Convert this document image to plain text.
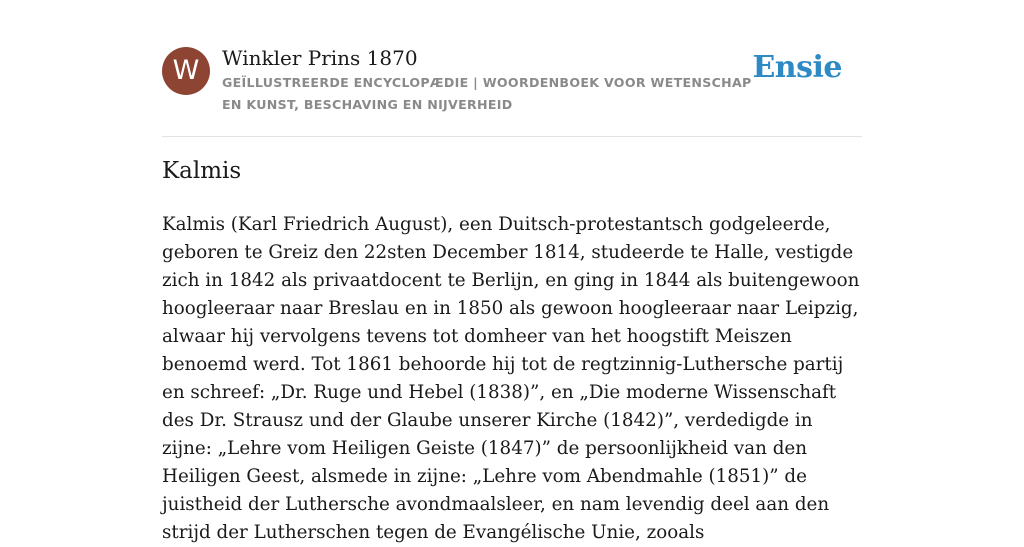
W	Winkler Prins 1870
GEÏLLUSTREERDE ENCYCLOPÆDIE | WOORDENBOEK VOOR WETENSCHAP EN KUNST, BESCHAVING EN NIJVERHEID
Ensie
Kalmis

Kalmis (Karl Friedrich August), een Duitsch-protestantsch godgeleerde, geboren te Greiz den 22sten December 1814, studeerde te Halle, vestigde zich in 1842 als privaatdocent te Berlijn, en ging in 1844 als buitengewoon hoogleeraar naar Breslau en in 1850 als gewoon hoogleeraar naar Leipzig, alwaar hij vervolgens tevens tot domheer van het hoogstift Meiszen benoemd werd. Tot 1861 behoorde hij tot de regtzinnig-Luthersche partij en schreef: „Dr. Ruge und Hebel (1838)”, en „Die moderne Wissenschaft des Dr. Strausz und der Glaube unserer Kirche (1842)”, verdedigde in zijne: „Lehre vom Heiligen Geiste (1847)” de persoonlijkheid van den Heiligen Geest, alsmede in zijne: „Lehre vom Abendmahle (1851)” de juistheid der Luthersche avondmaalsleer, en nam levendig deel aan den strijd der Lutherschen tegen de Evangélische Unie, zooals
